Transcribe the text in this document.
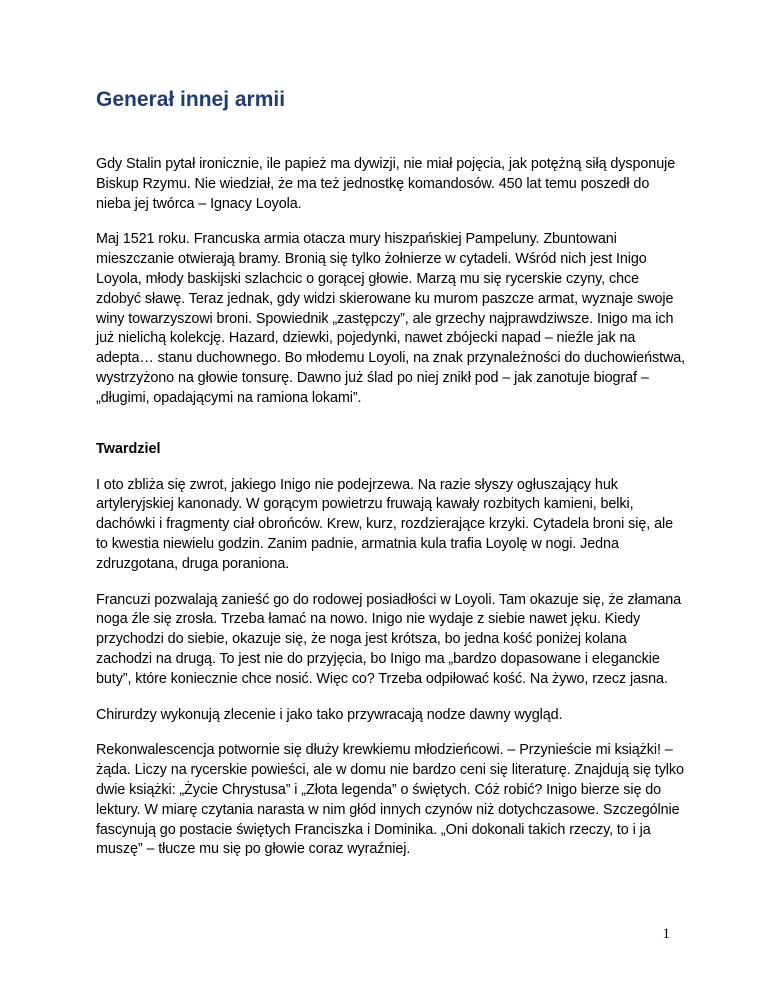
Generał innej armii

Gdy Stalin pytał ironicznie, ile papież ma dywizji, nie miał pojęcia, jak potężną siłą dysponuje Biskup Rzymu. Nie wiedział, że ma też jednostkę komandosów. 450 lat temu poszedł do nieba jej twórca – Ignacy Loyola.

Maj 1521 roku. Francuska armia otacza mury hiszpańskiej Pampeluny. Zbuntowani mieszczanie otwierają bramy. Bronią się tylko żołnierze w cytadeli. Wśród nich jest Inigo Loyola, młody baskijski szlachcic o gorącej głowie. Marzą mu się rycerskie czyny, chce zdobyć sławę. Teraz jednak, gdy widzi skierowane ku murom paszcze armat, wyznaje swoje winy towarzyszowi broni. Spowiednik „zastępczy”, ale grzechy najprawdziwsze. Inigo ma ich już nielichą kolekcję. Hazard, dziewki, pojedynki, nawet zbójecki napad – nieźle jak na adepta… stanu duchownego. Bo młodemu Loyoli, na znak przynależności do duchowieństwa, wystrzyżono na głowie tonsurę. Dawno już ślad po niej znikł pod – jak zanotuje biograf – „długimi, opadającymi na ramiona lokami”.

Twardziel

I oto zbliża się zwrot, jakiego Inigo nie podejrzewa. Na razie słyszy ogłuszający huk artyleryjskiej kanonady. W gorącym powietrzu fruwają kawały rozbitych kamieni, belki, dachówki i fragmenty ciał obrońców. Krew, kurz, rozdzierające krzyki. Cytadela broni się, ale to kwestia niewielu godzin. Zanim padnie, armatnia kula trafia Loyolę w nogi. Jedna zdruzgotana, druga poraniona.

Francuzi pozwalają zanieść go do rodowej posiadłości w Loyoli. Tam okazuje się, że złamana noga źle się zrosła. Trzeba łamać na nowo. Inigo nie wydaje z siebie nawet jęku. Kiedy przychodzi do siebie, okazuje się, że noga jest krótsza, bo jedna kość poniżej kolana zachodzi na drugą. To jest nie do przyjęcia, bo Inigo ma „bardzo dopasowane i eleganckie buty”, które koniecznie chce nosić. Więc co? Trzeba odpiłować kość. Na żywo, rzecz jasna.

Chirurdzy wykonują zlecenie i jako tako przywracają nodze dawny wygląd.

Rekonwalescencja potwornie się dłuży krewkiemu młodzieńcowi. – Przynieście mi książki! – żąda. Liczy na rycerskie powieści, ale w domu nie bardzo ceni się literaturę. Znajdują się tylko dwie książki: „Życie Chrystusa” i „Złota legenda” o świętych. Cóż robić? Inigo bierze się do lektury. W miarę czytania narasta w nim głód innych czynów niż dotychczasowe. Szczególnie fascynują go postacie świętych Franciszka i Dominika. „Oni dokonali takich rzeczy, to i ja muszę” – tłucze mu się po głowie coraz wyraźniej.

1
